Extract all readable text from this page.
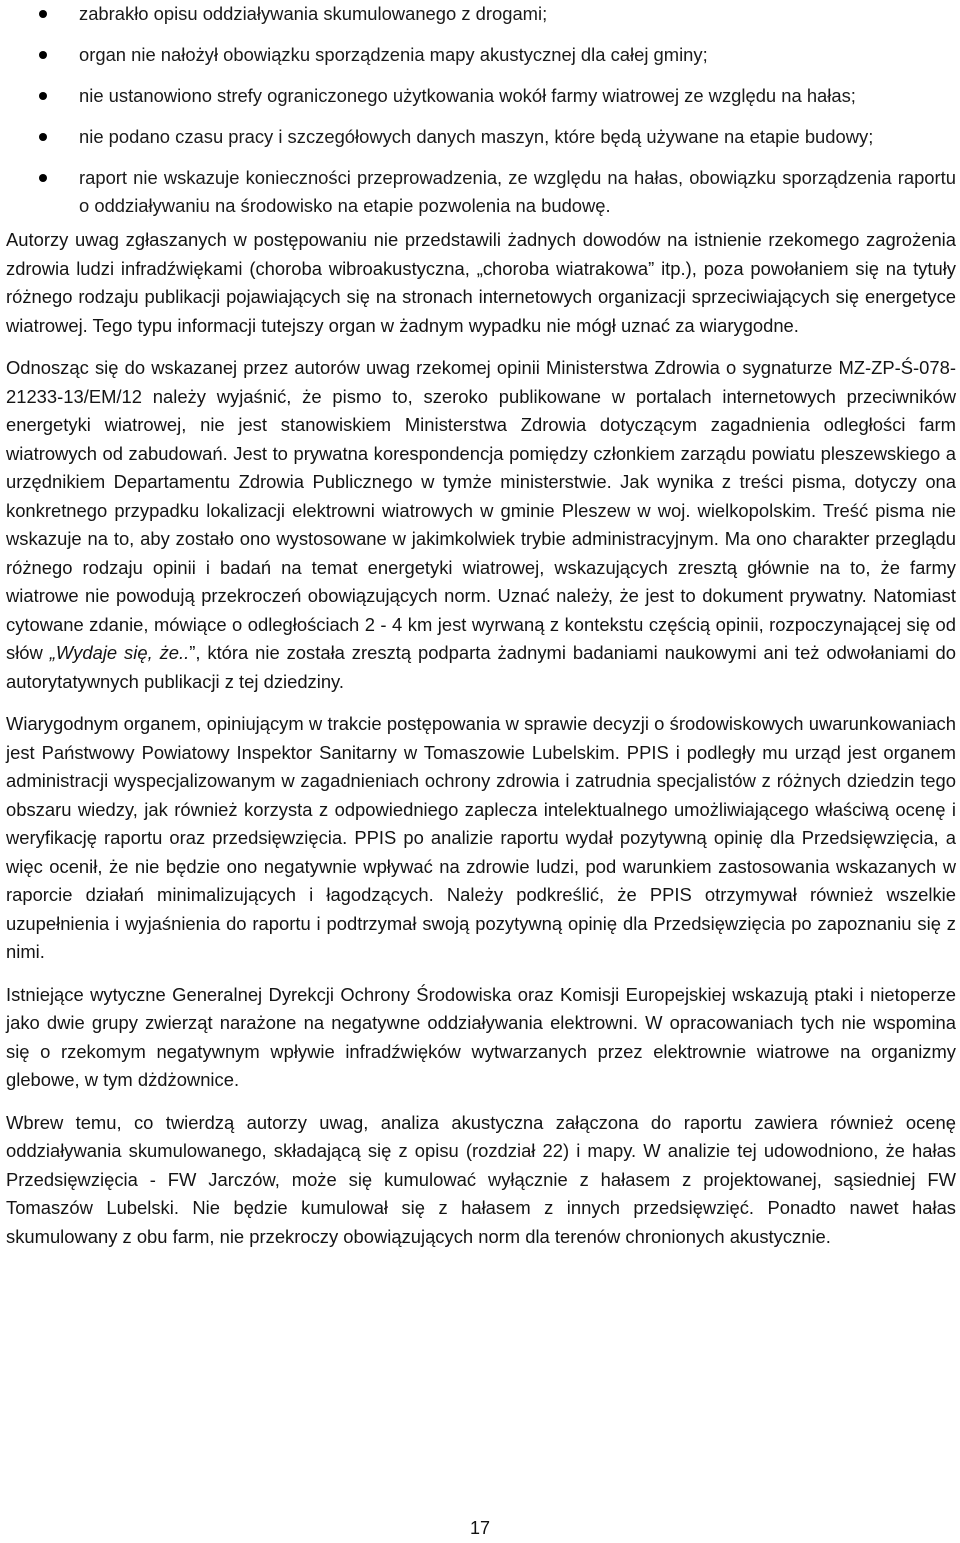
zabrakło opisu oddziaływania skumulowanego z drogami;
organ nie nałożył obowiązku sporządzenia mapy akustycznej dla całej gminy;
nie ustanowiono strefy ograniczonego użytkowania wokół farmy wiatrowej ze względu na hałas;
nie podano czasu pracy i szczegółowych danych maszyn, które będą używane na etapie budowy;
raport nie wskazuje konieczności przeprowadzenia, ze względu na hałas, obowiązku sporządzenia raportu o oddziaływaniu na środowisko na etapie pozwolenia na budowę.

Autorzy uwag zgłaszanych w postępowaniu nie przedstawili żadnych dowodów na istnienie rzekomego zagrożenia zdrowia ludzi infradźwiękami (choroba wibroakustyczna, „choroba wiatrakowa” itp.), poza powołaniem się na tytuły różnego rodzaju publikacji pojawiających się na stronach internetowych organizacji sprzeciwiających się energetyce wiatrowej. Tego typu informacji tutejszy organ w żadnym wypadku nie mógł uznać za wiarygodne.

Odnosząc się do wskazanej przez autorów uwag rzekomej opinii Ministerstwa Zdrowia o sygnaturze MZ-ZP-Ś-078-21233-13/EM/12 należy wyjaśnić, że pismo to, szeroko publikowane w portalach internetowych przeciwników energetyki wiatrowej, nie jest stanowiskiem Ministerstwa Zdrowia dotyczącym zagadnienia odległości farm wiatrowych od zabudowań. Jest to prywatna korespondencja pomiędzy członkiem zarządu powiatu pleszewskiego a urzędnikiem Departamentu Zdrowia Publicznego w tymże ministerstwie. Jak wynika z treści pisma, dotyczy ona konkretnego przypadku lokalizacji elektrowni wiatrowych w gminie Pleszew w woj. wielkopolskim. Treść pisma nie wskazuje na to, aby zostało ono wystosowane w jakimkolwiek trybie administracyjnym. Ma ono charakter przeglądu różnego rodzaju opinii i badań na temat energetyki wiatrowej, wskazujących zresztą głównie na to, że farmy wiatrowe nie powodują przekroczeń obowiązujących norm. Uznać należy, że jest to dokument prywatny. Natomiast cytowane zdanie, mówiące o odległościach 2 - 4 km jest wyrwaną z kontekstu częścią opinii, rozpoczynającej się od słów „Wydaje się, że..”, która nie została zresztą podparta żadnymi badaniami naukowymi ani też odwołaniami do autorytatywnych publikacji z tej dziedziny.

Wiarygodnym organem, opiniującym w trakcie postępowania w sprawie decyzji o środowiskowych uwarunkowaniach jest Państwowy Powiatowy Inspektor Sanitarny w Tomaszowie Lubelskim. PPIS i podległy mu urząd jest organem administracji wyspecjalizowanym w zagadnieniach ochrony zdrowia i zatrudnia specjalistów z różnych dziedzin tego obszaru wiedzy, jak również korzysta z odpowiedniego zaplecza intelektualnego umożliwiającego właściwą ocenę i weryfikację raportu oraz przedsięwzięcia. PPIS po analizie raportu wydał pozytywną opinię dla Przedsięwzięcia, a więc ocenił, że nie będzie ono negatywnie wpływać na zdrowie ludzi, pod warunkiem zastosowania wskazanych w raporcie działań minimalizujących i łagodzących. Należy podkreślić, że PPIS otrzymywał również wszelkie uzupełnienia i wyjaśnienia do raportu i podtrzymał swoją pozytywną opinię dla Przedsięwzięcia po zapoznaniu się z nimi.

Istniejące wytyczne Generalnej Dyrekcji Ochrony Środowiska oraz Komisji Europejskiej wskazują ptaki i nietoperze jako dwie grupy zwierząt narażone na negatywne oddziaływania elektrowni. W opracowaniach tych nie wspomina się o rzekomym negatywnym wpływie infradźwięków wytwarzanych przez elektrownie wiatrowe na organizmy glebowe, w tym dżdżownice.

Wbrew temu, co twierdzą autorzy uwag, analiza akustyczna załączona do raportu zawiera również ocenę oddziaływania skumulowanego, składającą się z opisu (rozdział 22) i mapy. W analizie tej udowodniono, że hałas Przedsięwzięcia - FW Jarczów, może się kumulować wyłącznie z hałasem z projektowanej, sąsiedniej FW Tomaszów Lubelski. Nie będzie kumulował się z hałasem z innych przedsięwzięć. Ponadto nawet hałas skumulowany z obu farm, nie przekroczy obowiązujących norm dla terenów chronionych akustycznie.

17
